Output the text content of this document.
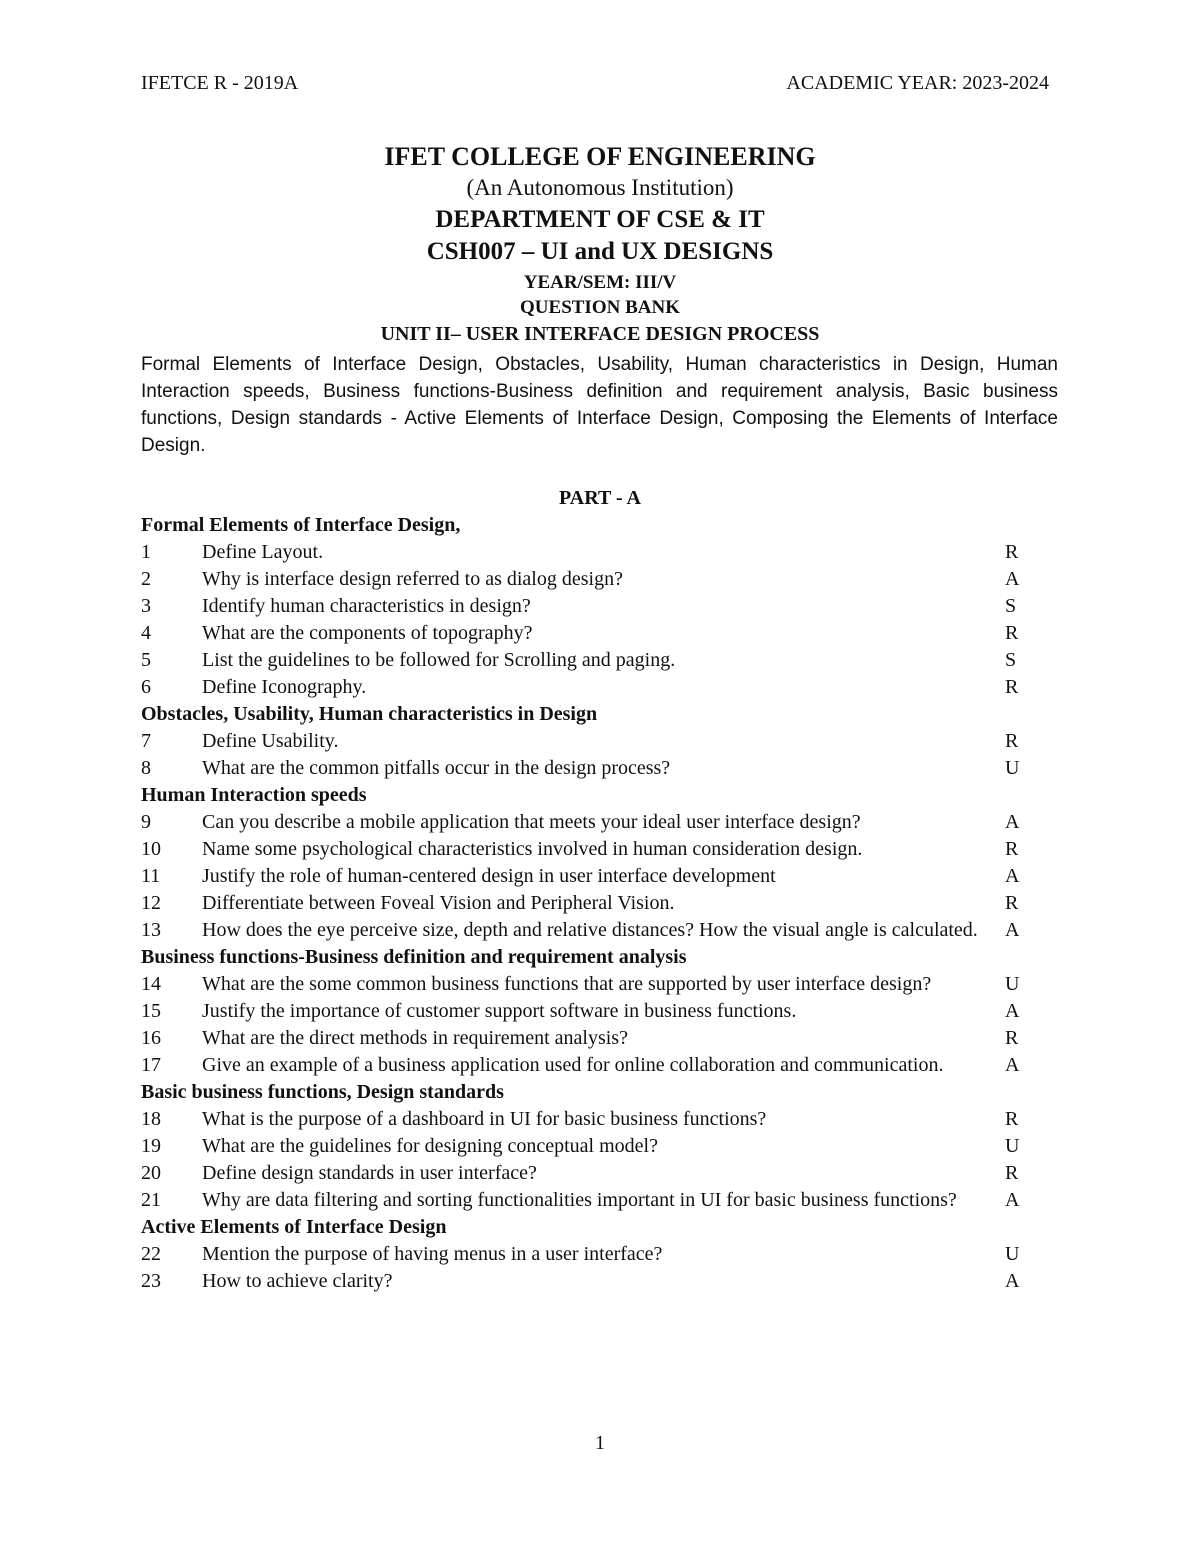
IFETCE R - 2019A	ACADEMIC YEAR: 2023-2024
IFET COLLEGE OF ENGINEERING
(An Autonomous Institution)
DEPARTMENT OF CSE & IT
CSH007 – UI and UX DESIGNS
YEAR/SEM: III/V
QUESTION BANK
UNIT II– USER INTERFACE DESIGN PROCESS
Formal Elements of Interface Design, Obstacles, Usability, Human characteristics in Design, Human Interaction speeds, Business functions-Business definition and requirement analysis, Basic business functions, Design standards - Active Elements of Interface Design, Composing the Elements of Interface Design.
PART - A
Formal Elements of Interface Design,
1	Define Layout.	R
2	Why is interface design referred to as dialog design?	A
3	Identify human characteristics in design?	S
4	What are the components of topography?	R
5	List the guidelines to be followed for Scrolling and paging.	S
6	Define Iconography.	R
Obstacles, Usability, Human characteristics in Design
7	Define Usability.	R
8	What are the common pitfalls occur in the design process?	U
Human Interaction speeds
9	Can you describe a mobile application that meets your ideal user interface design?	A
10	Name some psychological characteristics involved in human consideration design.	R
11	Justify the role of human-centered design in user interface development	A
12	Differentiate between Foveal Vision and Peripheral Vision.	R
13	How does the eye perceive size, depth and relative distances? How the visual angle is calculated.	A
Business functions-Business definition and requirement analysis
14	What are the some common business functions that are supported by user interface design?	U
15	Justify the importance of customer support software in business functions.	A
16	What are the direct methods in requirement analysis?	R
17	Give an example of a business application used for online collaboration and communication.	A
Basic business functions, Design standards
18	What is the purpose of a dashboard in UI for basic business functions?	R
19	What are the guidelines for designing conceptual model?	U
20	Define design standards in user interface?	R
21	Why are data filtering and sorting functionalities important in UI for basic business functions?	A
Active Elements of Interface Design
22	Mention the purpose of having menus in a user interface?	U
23	How to achieve clarity?	A
1
